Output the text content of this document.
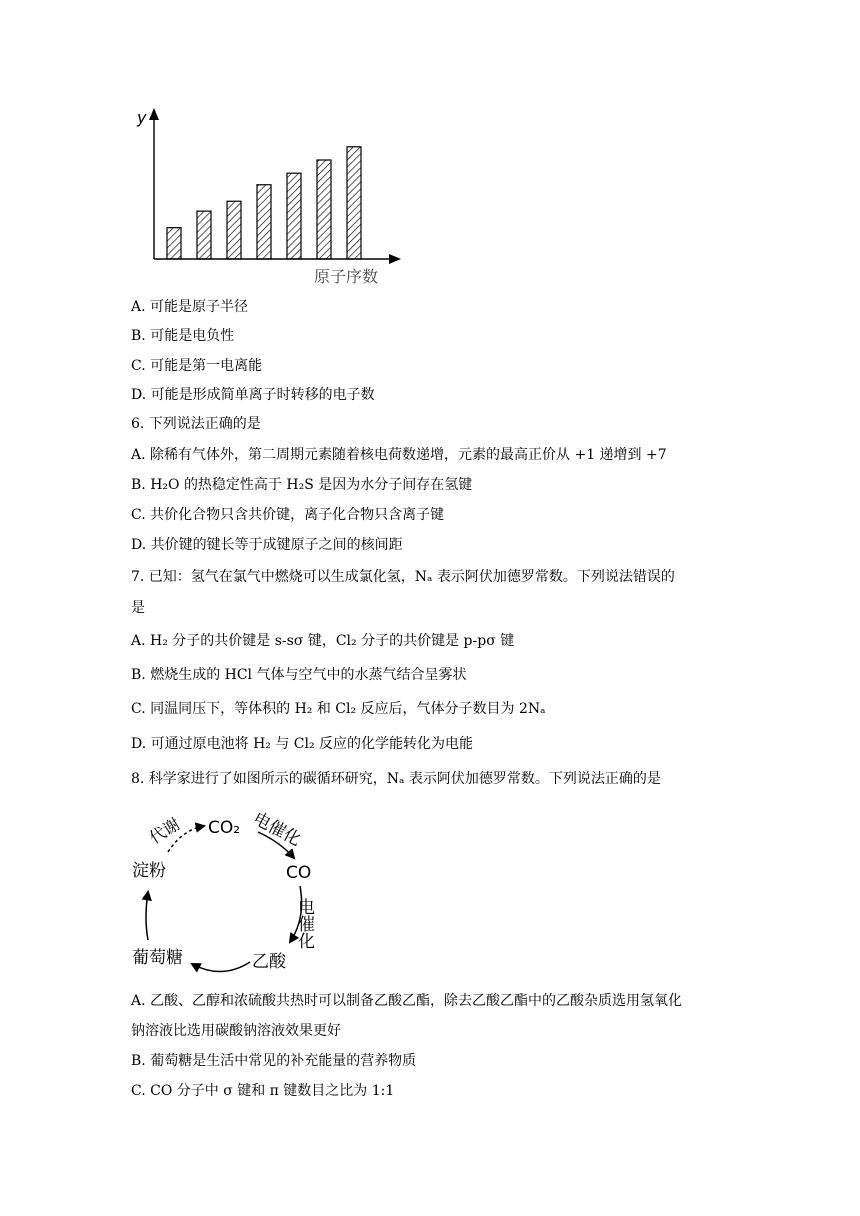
y
原子序数
A. 可能是原子半径
B. 可能是电负性
C. 可能是第一电离能
D. 可能是形成简单离子时转移的电子数
6. 下列说法正确的是
A. 除稀有气体外，第二周期元素随着核电荷数递增，元素的最高正价从 +1 递增到 +7
B. H₂O 的热稳定性高于 H₂S 是因为水分子间存在氢键
C. 共价化合物只含共价键，离子化合物只含离子键
D. 共价键的键长等于成键原子之间的核间距
7. 已知：氢气在氯气中燃烧可以生成氯化氢，Nₐ 表示阿伏加德罗常数。下列说法错误的
是
A. H₂ 分子的共价键是 s-sσ 键，Cl₂ 分子的共价键是 p-pσ 键
B. 燃烧生成的 HCl 气体与空气中的水蒸气结合呈雾状
C. 同温同压下，等体积的 H₂ 和 Cl₂ 反应后，气体分子数目为 2Nₐ
D. 可通过原电池将 H₂ 与 Cl₂ 反应的化学能转化为电能
8. 科学家进行了如图所示的碳循环研究，Nₐ 表示阿伏加德罗常数。下列说法正确的是
CO₂
CO
乙酸
葡萄糖
淀粉
电催化
电催化
代谢
A. 乙酸、乙醇和浓硫酸共热时可以制备乙酸乙酯，除去乙酸乙酯中的乙酸杂质选用氢氧化
钠溶液比选用碳酸钠溶液效果更好
B. 葡萄糖是生活中常见的补充能量的营养物质
C. CO 分子中 σ 键和 π 键数目之比为 1:1
